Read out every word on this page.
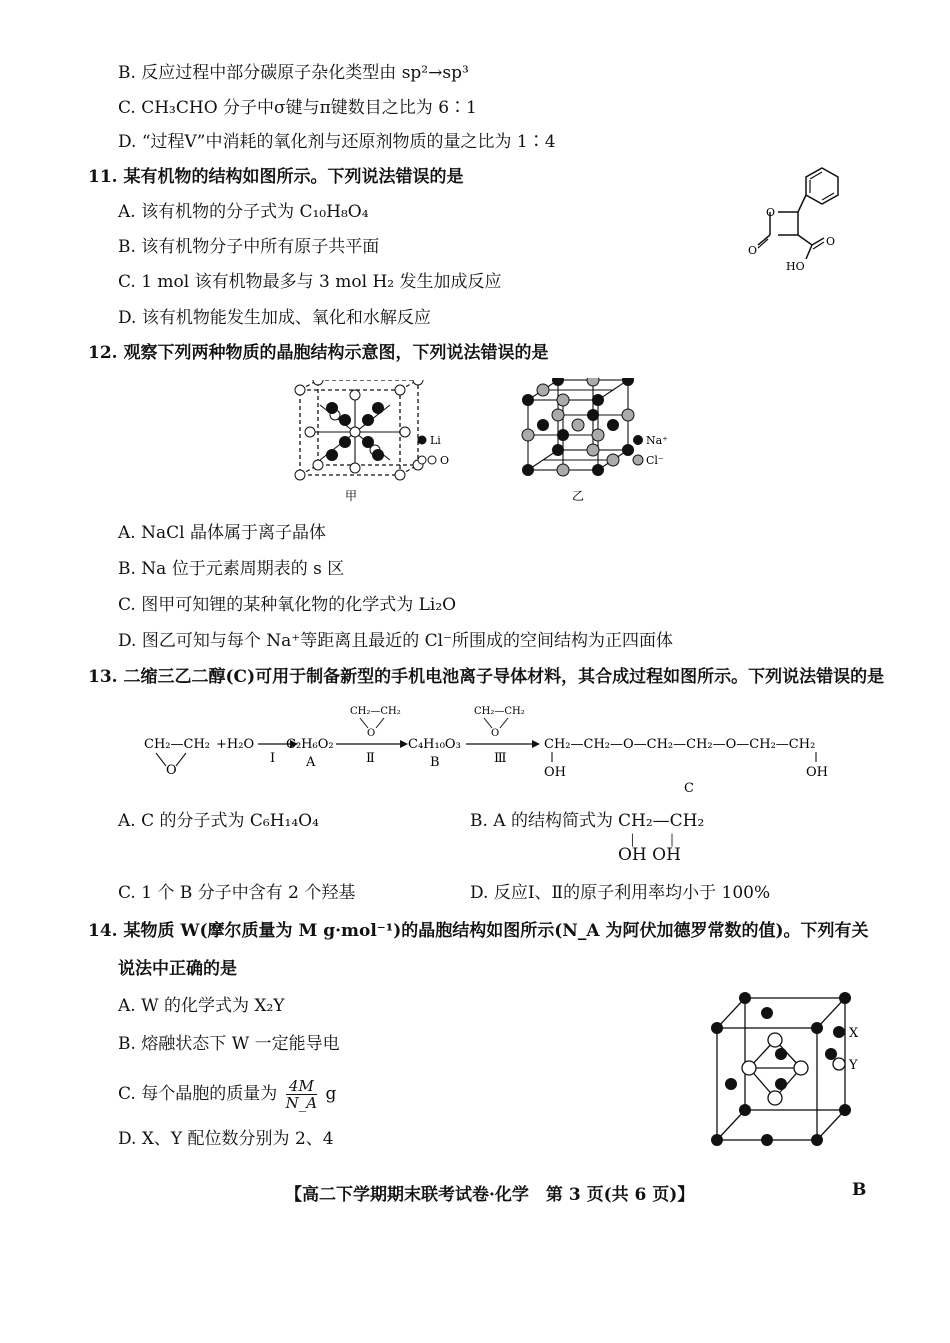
B. 反应过程中部分碳原子杂化类型由 sp²→sp³
C. CH₃CHO 分子中σ键与π键数目之比为 6∶1
D. “过程Ⅴ”中消耗的氧化剂与还原剂物质的量之比为 1∶4
11. 某有机物的结构如图所示。下列说法错误的是
A. 该有机物的分子式为 C₁₀H₈O₄
B. 该有机物分子中所有原子共平面
C. 1 mol 该有机物最多与 3 mol H₂ 发生加成反应
D. 该有机物能发生加成、氧化和水解反应
O
O
O
HO
12. 观察下列两种物质的晶胞结构示意图，下列说法错误的是
Li
O
甲
Na⁺
Cl⁻
乙
A. NaCl 晶体属于离子晶体
B. Na 位于元素周期表的 s 区
C. 图甲可知锂的某种氧化物的化学式为 Li₂O
D. 图乙可知与每个 Na⁺等距离且最近的 Cl⁻所围成的空间结构为正四面体
13. 二缩三乙二醇(C)可用于制备新型的手机电池离子导体材料，其合成过程如图所示。下列说法错误的是
CH₂—CH₂
O
+H₂O
Ⅰ
C₂H₆O₂
A
CH₂—CH₂
O
Ⅱ
C₄H₁₀O₃
B
CH₂—CH₂
O
Ⅲ
CH₂—CH₂—O—CH₂—CH₂—O—CH₂—CH₂
OH	OH
C
A. C 的分子式为 C₆H₁₄O₄	B. A 的结构简式为 CH₂—CH₂
│　　　│
OH OH
C. 1 个 B 分子中含有 2 个羟基	D. 反应Ⅰ、Ⅱ的原子利用率均小于 100%
14. 某物质 W(摩尔质量为 M g·mol⁻¹)的晶胞结构如图所示(N_A 为阿伏加德罗常数的值)。下列有关
说法中正确的是
A. W 的化学式为 X₂Y
B. 熔融状态下 W 一定能导电
C. 每个晶胞的质量为 $\frac{4M}{N\_A}$ g
D. X、Y 配位数分别为 2、4
X
Y
【高二下学期期末联考试卷·化学　第 3 页(共 6 页)】	B
